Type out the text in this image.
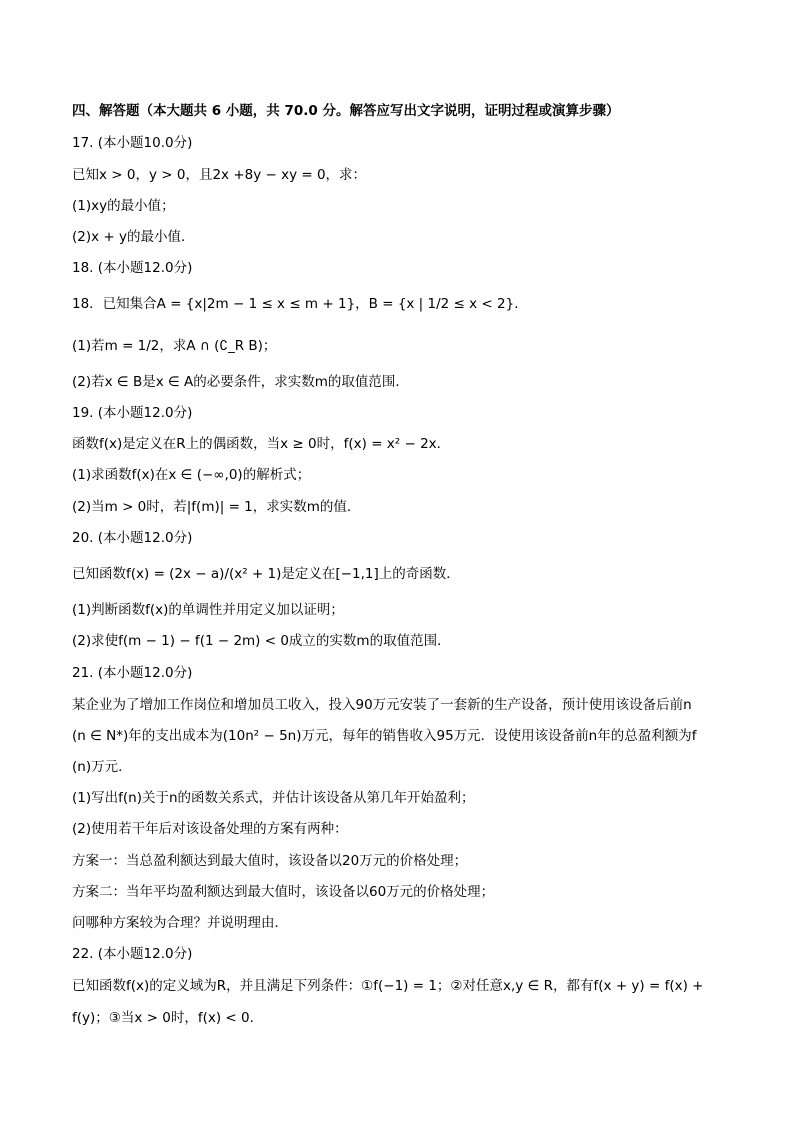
四、解答题（本大题共 6 小题，共 70.0 分。解答应写出文字说明，证明过程或演算步骤）
17. (本小题10.0分)
已知x > 0，y > 0，且2x +8y − xy = 0，求：
(1)xy的最小值；
(2)x + y的最小值．
18. (本小题12.0分)
18．已知集合A = {x|2m − 1 ≤ x ≤ m + 1}，B = {x | 1/2 ≤ x < 2}．
(1)若m = 1/2，求A ∩ (∁_R B)；
(2)若x ∈ B是x ∈ A的必要条件，求实数m的取值范围．
19. (本小题12.0分)
函数f(x)是定义在R上的偶函数，当x ≥ 0时，f(x) = x² − 2x．
(1)求函数f(x)在x ∈ (−∞,0)的解析式；
(2)当m > 0时，若|f(m)| = 1，求实数m的值．
20. (本小题12.0分)
已知函数f(x) = (2x − a)/(x² + 1)是定义在[−1,1]上的奇函数．
(1)判断函数f(x)的单调性并用定义加以证明；
(2)求使f(m − 1) − f(1 − 2m) < 0成立的实数m的取值范围．
21. (本小题12.0分)
某企业为了增加工作岗位和增加员工收入，投入90万元安装了一套新的生产设备，预计使用该设备后前n
(n ∈ N*)年的支出成本为(10n² − 5n)万元，每年的销售收入95万元．设使用该设备前n年的总盈利额为f
(n)万元．
(1)写出f(n)关于n的函数关系式，并估计该设备从第几年开始盈利；
(2)使用若干年后对该设备处理的方案有两种：
方案一：当总盈利额达到最大值时，该设备以20万元的价格处理；
方案二：当年平均盈利额达到最大值时，该设备以60万元的价格处理；
问哪种方案较为合理？并说明理由．
22. (本小题12.0分)
已知函数f(x)的定义域为R，并且满足下列条件：①f(−1) = 1；②对任意x,y ∈ R，都有f(x + y) = f(x) +
f(y)；③当x > 0时，f(x) < 0．
